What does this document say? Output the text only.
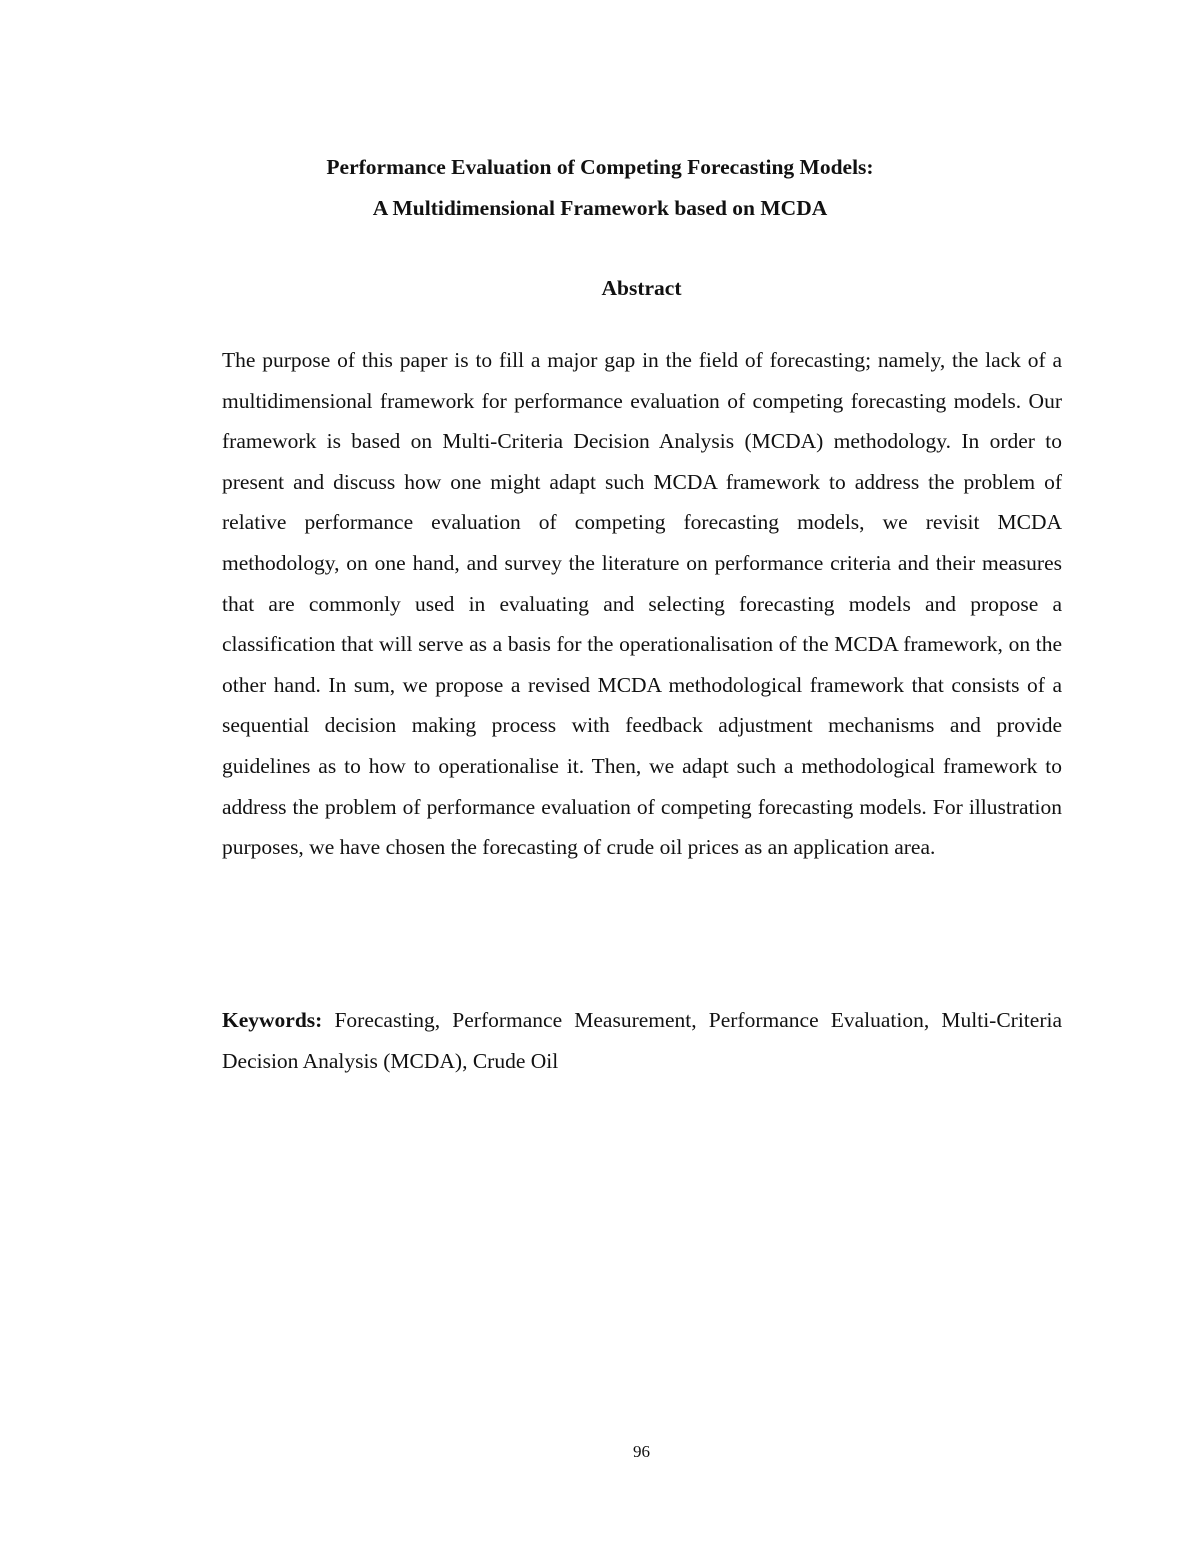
Performance Evaluation of Competing Forecasting Models:
A Multidimensional Framework based on MCDA
Abstract

The purpose of this paper is to fill a major gap in the field of forecasting; namely, the lack of a multidimensional framework for performance evaluation of competing forecasting models. Our framework is based on Multi-Criteria Decision Analysis (MCDA) methodology. In order to present and discuss how one might adapt such MCDA framework to address the problem of relative performance evaluation of competing forecasting models, we revisit MCDA methodology, on one hand, and survey the literature on performance criteria and their measures that are commonly used in evaluating and selecting forecasting models and propose a classification that will serve as a basis for the operationalisation of the MCDA framework, on the other hand. In sum, we propose a revised MCDA methodological framework that consists of a sequential decision making process with feedback adjustment mechanisms and provide guidelines as to how to operationalise it. Then, we adapt such a methodological framework to address the problem of performance evaluation of competing forecasting models. For illustration purposes, we have chosen the forecasting of crude oil prices as an application area.

Keywords: Forecasting, Performance Measurement, Performance Evaluation, Multi-Criteria Decision Analysis (MCDA), Crude Oil

96
